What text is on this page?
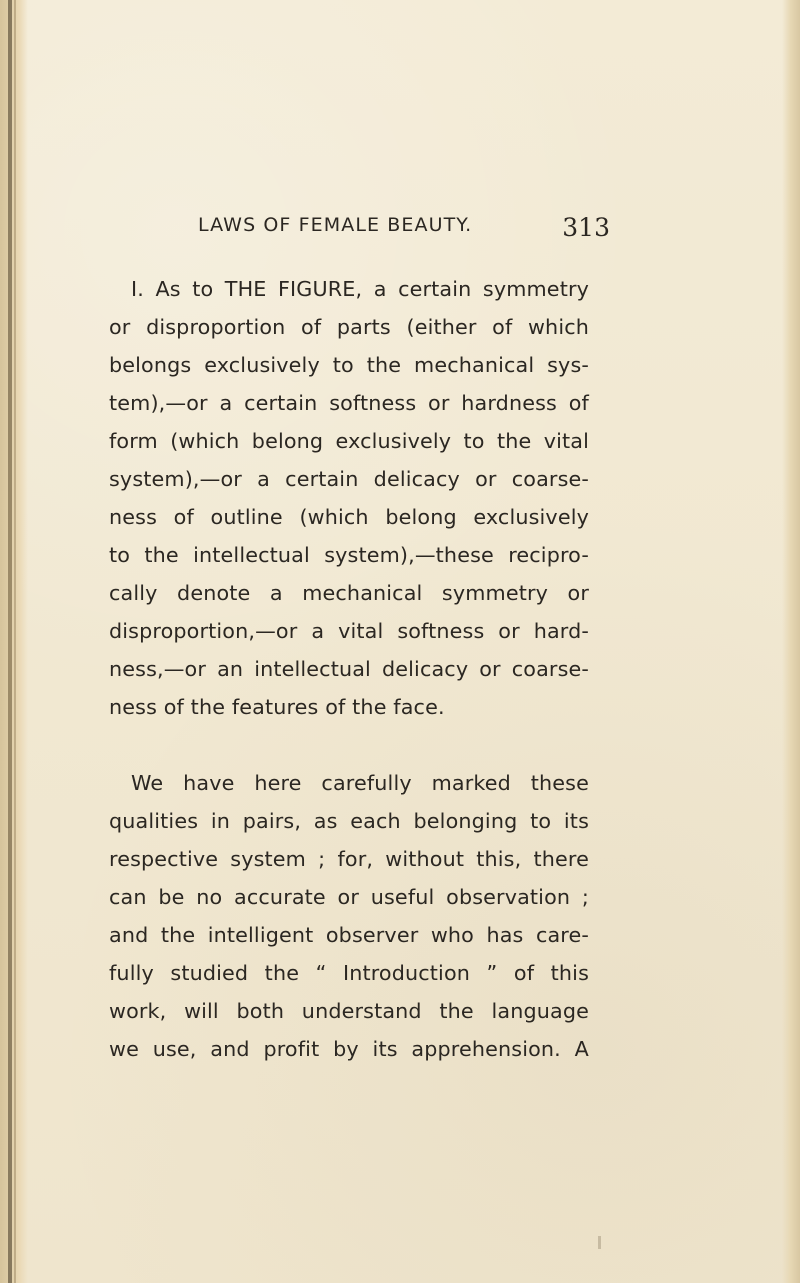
LAWS OF FEMALE BEAUTY.	313
I. As to THE FIGURE, a certain symmetry
or disproportion of parts (either of which
belongs exclusively to the mechanical sys-
tem),—or a certain softness or hardness of
form (which belong exclusively to the vital
system),—or a certain delicacy or coarse-
ness of outline (which belong exclusively
to the intellectual system),—these recipro-
cally denote a mechanical symmetry or
disproportion,—or a vital softness or hard-
ness,—or an intellectual delicacy or coarse-
ness of the features of the face.
We have here carefully marked these
qualities in pairs, as each belonging to its
respective system ; for, without this, there
can be no accurate or useful observation ;
and the intelligent observer who has care-
fully studied the “ Introduction ” of this
work, will both understand the language
we use, and profit by its apprehension. A
